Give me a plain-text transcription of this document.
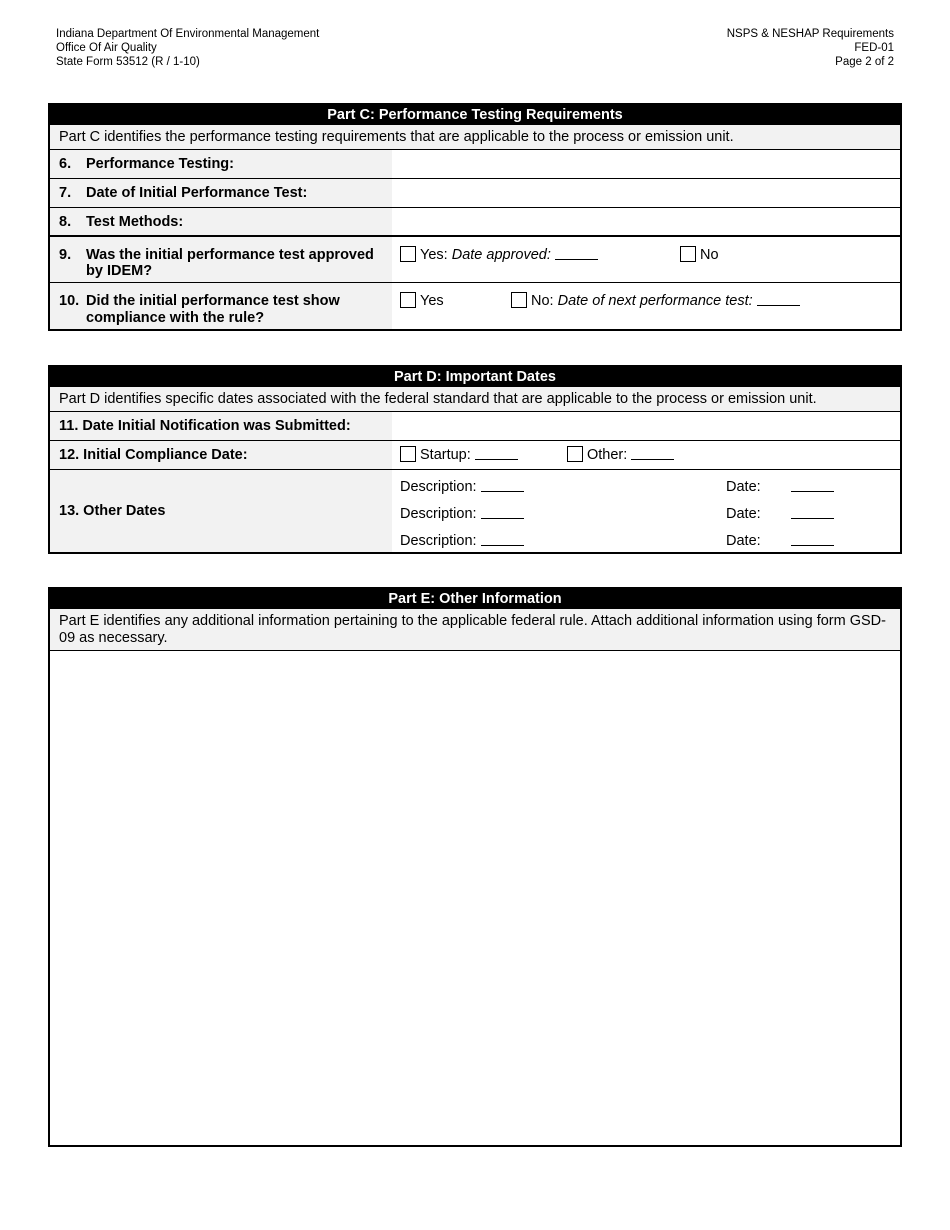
Indiana Department Of Environmental Management
Office Of Air Quality
State Form 53512 (R / 1-10)
NSPS & NESHAP Requirements
FED-01
Page 2 of 2
Part C: Performance Testing Requirements
Part C identifies the performance testing requirements that are applicable to the process or emission unit.
6.	Performance Testing:
7.	Date of Initial Performance Test:
8.	Test Methods:
9.	Was the initial performance test approved by IDEM?
Yes: Date approved:	No
10. Did the initial performance test show compliance with the rule?
Yes	No: Date of next performance test:
Part D: Important Dates
Part D identifies specific dates associated with the federal standard that are applicable to the process or emission unit.
11. Date Initial Notification was Submitted:
12. Initial Compliance Date:	Startup:	Other:
13. Other Dates
Description:	Date:
Description:	Date:
Description:	Date:
Part E: Other Information
Part E identifies any additional information pertaining to the applicable federal rule. Attach additional information using form GSD-09 as necessary.
